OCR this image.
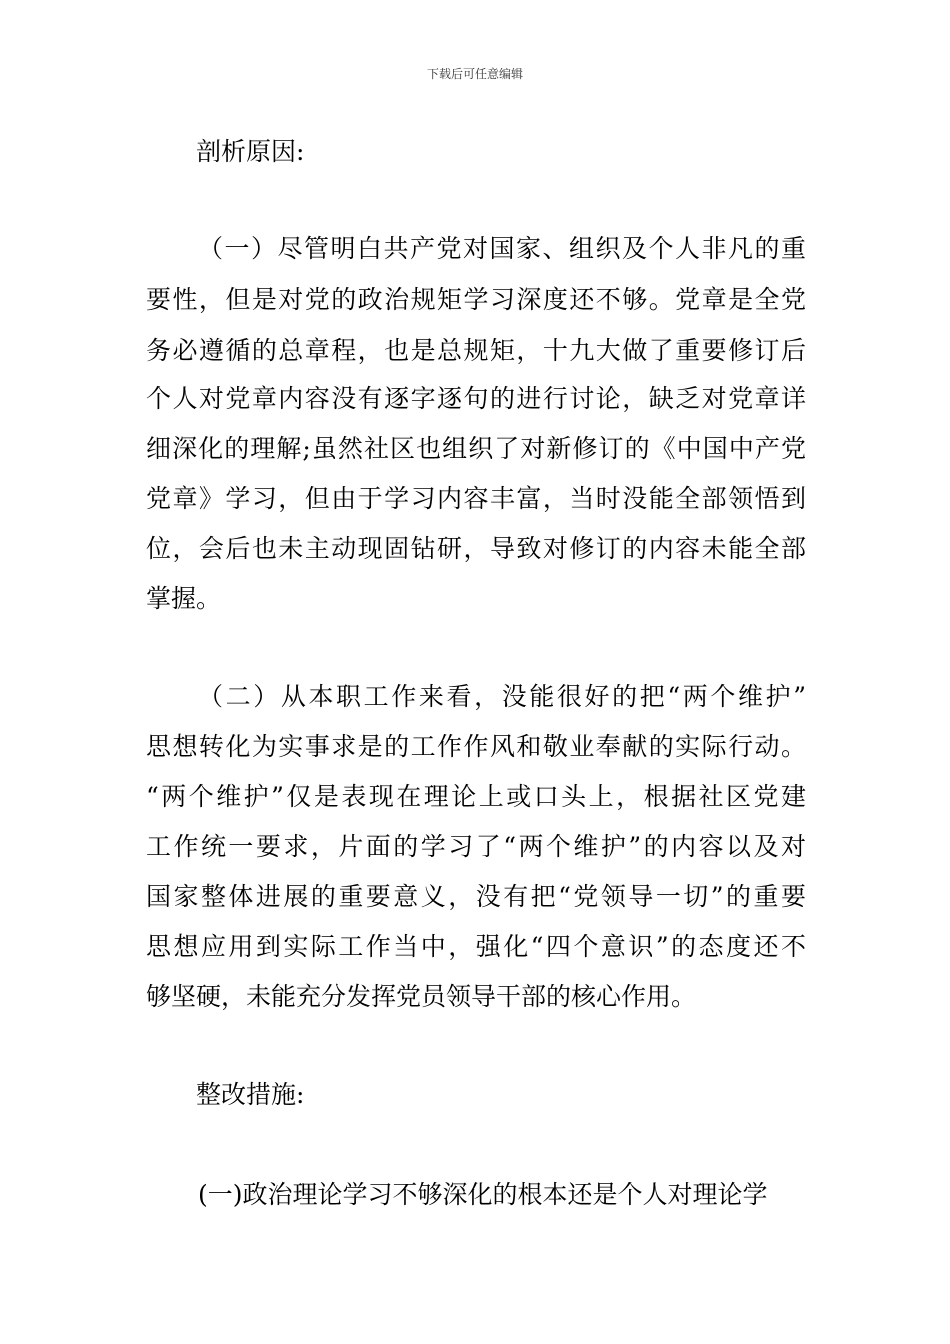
下载后可任意编辑
剖析原因:
（一）尽管明白共产党对国家、组织及个人非凡的重
要性，但是对党的政治规矩学习深度还不够。党章是全党
务必遵循的总章程，也是总规矩，十九大做了重要修订后
个人对党章内容没有逐字逐句的进行讨论，缺乏对党章详
细深化的理解;虽然社区也组织了对新修订的《中国中产党
党章》学习，但由于学习内容丰富，当时没能全部领悟到
位，会后也未主动现固钻研，导致对修订的内容未能全部
掌握。
（二）从本职工作来看，没能很好的把“两个维护”
思想转化为实事求是的工作作风和敬业奉献的实际行动。
“两个维护”仅是表现在理论上或口头上，根据社区党建
工作统一要求，片面的学习了“两个维护”的内容以及对
国家整体进展的重要意义，没有把“党领导一切”的重要
思想应用到实际工作当中，强化“四个意识”的态度还不
够坚硬，未能充分发挥党员领导干部的核心作用。
整改措施:
(一)政治理论学习不够深化的根本还是个人对理论学
